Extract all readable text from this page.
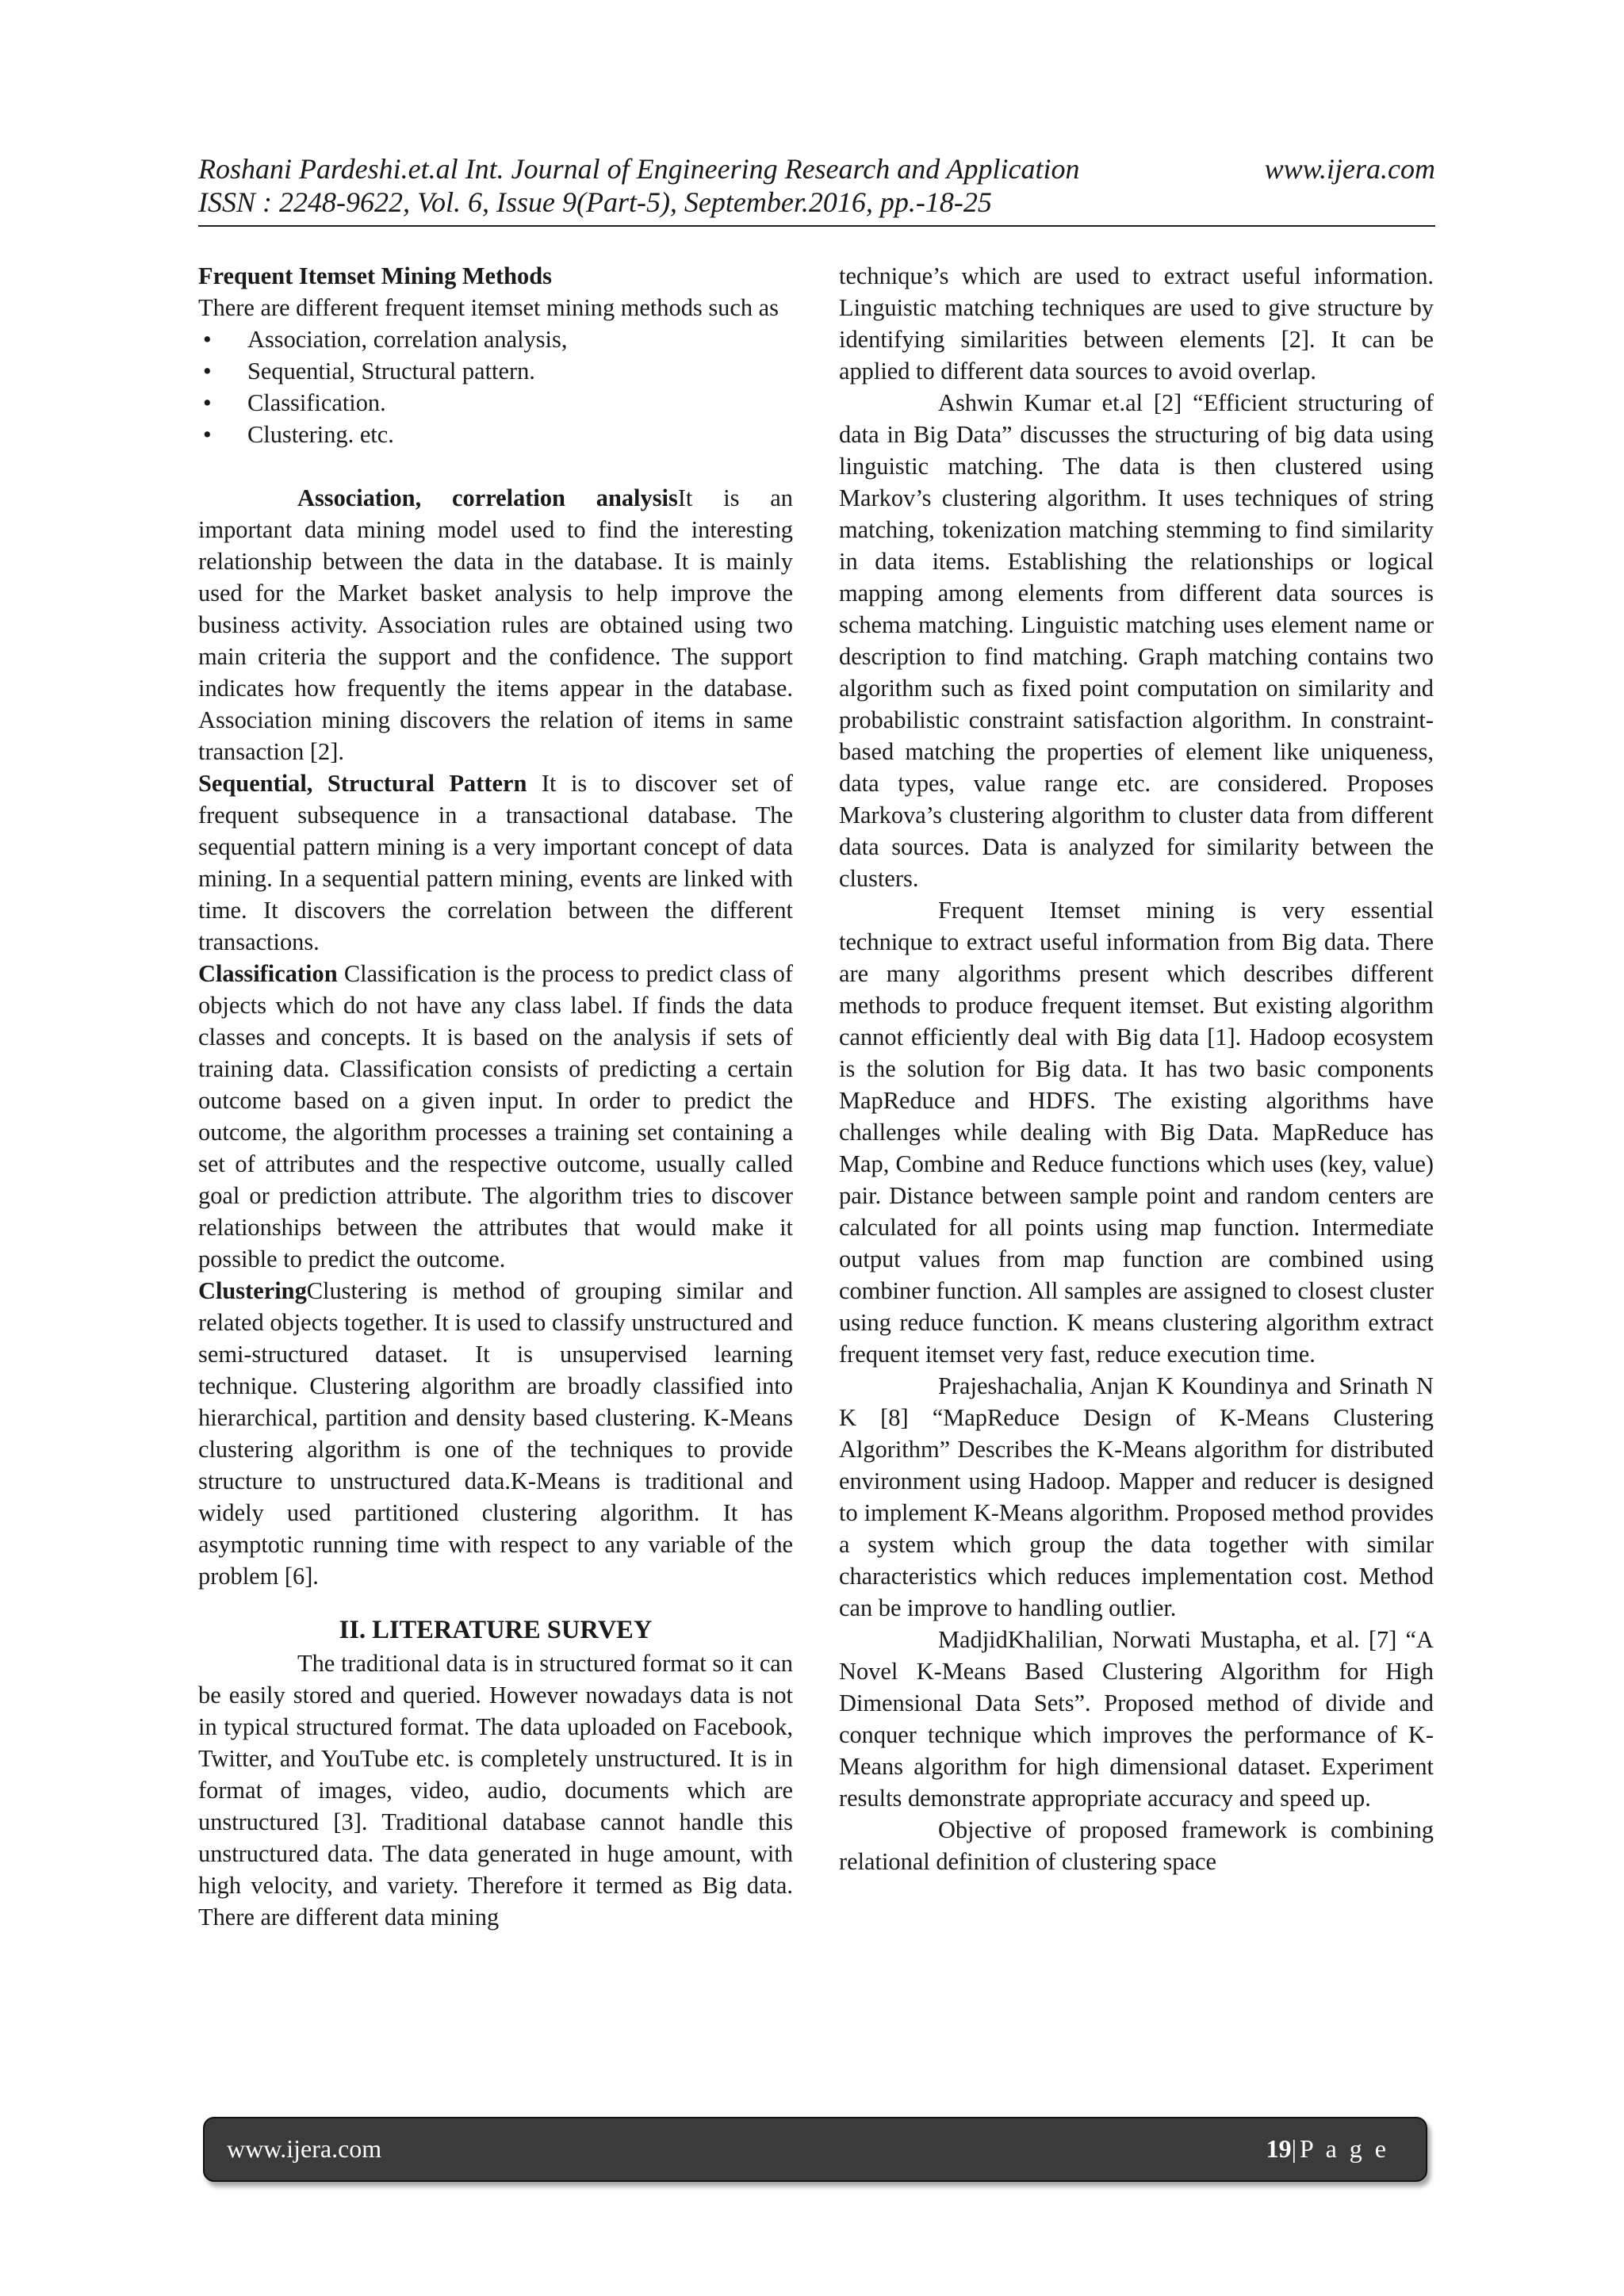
Roshani Pardeshi.et.al Int. Journal of Engineering Research and Application	www.ijera.com
ISSN : 2248-9622, Vol. 6, Issue 9(Part-5), September.2016, pp.-18-25

Frequent Itemset Mining Methods

There are different frequent itemset mining methods such as

• Association, correlation analysis,
• Sequential, Structural pattern.
• Classification.
• Clustering. etc.

Association, correlation analysisIt is an important data mining model used to find the interesting relationship between the data in the database. It is mainly used for the Market basket analysis to help improve the business activity. Association rules are obtained using two main criteria the support and the confidence. The support indicates how frequently the items appear in the database. Association mining discovers the relation of items in same transaction [2].

Sequential, Structural Pattern It is to discover set of frequent subsequence in a transactional database. The sequential pattern mining is a very important concept of data mining. In a sequential pattern mining, events are linked with time. It discovers the correlation between the different transactions.

Classification Classification is the process to predict class of objects which do not have any class label. If finds the data classes and concepts. It is based on the analysis if sets of training data. Classification consists of predicting a certain outcome based on a given input. In order to predict the outcome, the algorithm processes a training set containing a set of attributes and the respective outcome, usually called goal or prediction attribute. The algorithm tries to discover relationships between the attributes that would make it possible to predict the outcome.

ClusteringClustering is method of grouping similar and related objects together. It is used to classify unstructured and semi-structured dataset. It is unsupervised learning technique. Clustering algorithm are broadly classified into hierarchical, partition and density based clustering. K-Means clustering algorithm is one of the techniques to provide structure to unstructured data.K-Means is traditional and widely used partitioned clustering algorithm. It has asymptotic running time with respect to any variable of the problem [6].

II. LITERATURE SURVEY

The traditional data is in structured format so it can be easily stored and queried. However nowadays data is not in typical structured format. The data uploaded on Facebook, Twitter, and YouTube etc. is completely unstructured. It is in format of images, video, audio, documents which are unstructured [3]. Traditional database cannot handle this unstructured data. The data generated in huge amount, with high velocity, and variety. Therefore it termed as Big data. There are different data mining

technique’s which are used to extract useful information. Linguistic matching techniques are used to give structure by identifying similarities between elements [2]. It can be applied to different data sources to avoid overlap.

Ashwin Kumar et.al [2] “Efficient structuring of data in Big Data” discusses the structuring of big data using linguistic matching. The data is then clustered using Markov’s clustering algorithm. It uses techniques of string matching, tokenization matching stemming to find similarity in data items. Establishing the relationships or logical mapping among elements from different data sources is schema matching. Linguistic matching uses element name or description to find matching. Graph matching contains two algorithm such as fixed point computation on similarity and probabilistic constraint satisfaction algorithm. In constraint- based matching the properties of element like uniqueness, data types, value range etc. are considered. Proposes Markova’s clustering algorithm to cluster data from different data sources. Data is analyzed for similarity between the clusters.

Frequent Itemset mining is very essential technique to extract useful information from Big data. There are many algorithms present which describes different methods to produce frequent itemset. But existing algorithm cannot efficiently deal with Big data [1]. Hadoop ecosystem is the solution for Big data. It has two basic components MapReduce and HDFS. The existing algorithms have challenges while dealing with Big Data. MapReduce has Map, Combine and Reduce functions which uses (key, value) pair. Distance between sample point and random centers are calculated for all points using map function. Intermediate output values from map function are combined using combiner function. All samples are assigned to closest cluster using reduce function. K means clustering algorithm extract frequent itemset very fast, reduce execution time.

Prajeshachalia, Anjan K Koundinya and Srinath N K [8] “MapReduce Design of K-Means Clustering Algorithm” Describes the K-Means algorithm for distributed environment using Hadoop. Mapper and reducer is designed to implement K-Means algorithm. Proposed method provides a system which group the data together with similar characteristics which reduces implementation cost. Method can be improve to handling outlier.

MadjidKhalilian, Norwati Mustapha, et al. [7] “A Novel K-Means Based Clustering Algorithm for High Dimensional Data Sets”. Proposed method of divide and conquer technique which improves the performance of K-Means algorithm for high dimensional dataset. Experiment results demonstrate appropriate accuracy and speed up.

Objective of proposed framework is combining relational definition of clustering space

www.ijera.com	19|P a g e
